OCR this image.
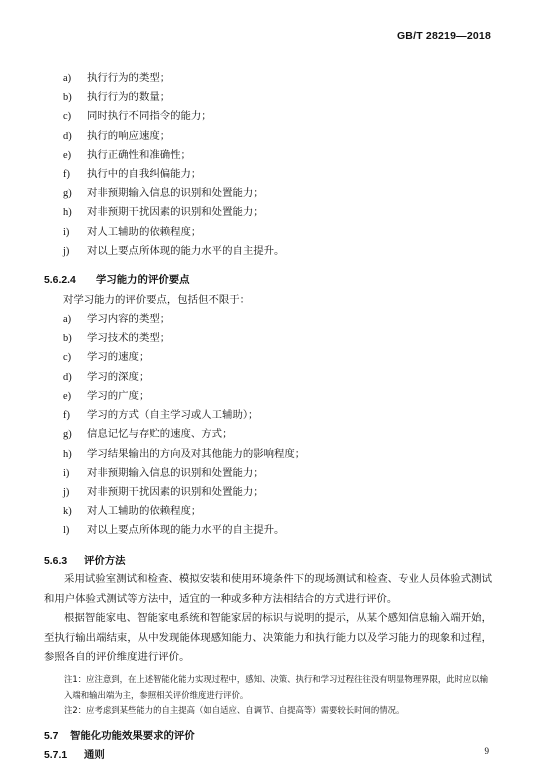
GB/T 28219—2018
a) 执行行为的类型；
b) 执行行为的数量；
c) 同时执行不同指令的能力；
d) 执行的响应速度；
e) 执行正确性和准确性；
f) 执行中的自我纠偏能力；
g) 对非预期输入信息的识别和处置能力；
h) 对非预期干扰因素的识别和处置能力；
i) 对人工辅助的依赖程度；
j) 对以上要点所体现的能力水平的自主提升。
5.6.2.4 学习能力的评价要点
对学习能力的评价要点，包括但不限于：
a) 学习内容的类型；
b) 学习技术的类型；
c) 学习的速度；
d) 学习的深度；
e) 学习的广度；
f) 学习的方式（自主学习或人工辅助）；
g) 信息记忆与存贮的速度、方式；
h) 学习结果输出的方向及对其他能力的影响程度；
i) 对非预期输入信息的识别和处置能力；
j) 对非预期干扰因素的识别和处置能力；
k) 对人工辅助的依赖程度；
l) 对以上要点所体现的能力水平的自主提升。
5.6.3 评价方法
采用试验室测试和检查、模拟安装和使用环境条件下的现场测试和检查、专业人员体验式测试和用户体验式测试等方法中，适宜的一种或多种方法相结合的方式进行评价。
根据智能家电、智能家电系统和智能家居的标识与说明的提示，从某个感知信息输入端开始，至执行输出端结束，从中发现能体现感知能力、决策能力和执行能力以及学习能力的现象和过程，参照各自的评价维度进行评价。
注1：应注意到，在上述智能化能力实现过程中，感知、决策、执行和学习过程往往没有明显物理界限，此时应以输入端和输出端为主，参照相关评价维度进行评价。
注2：应考虑到某些能力的自主提高（如自适应、自调节、自提高等）需要较长时间的情况。
5.7 智能化功能效果要求的评价
5.7.1 通则	9
